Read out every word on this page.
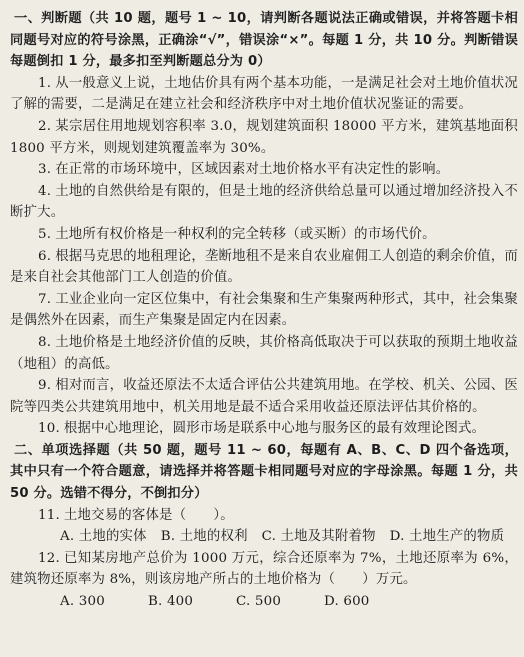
一、判断题（共 10 题，题号 1 ~ 10，请判断各题说法正确或错误，并将答题卡相同题号对应的符号涂黑，正确涂“√”，错误涂“×”。每题 1 分，共 10 分。判断错误每题倒扣 1 分，最多扣至判断题总分为 0）
1. 从一般意义上说，土地估价具有两个基本功能，一是满足社会对土地价值状况了解的需要，二是满足在建立社会和经济秩序中对土地价值状况鉴证的需要。
2. 某宗居住用地规划容积率 3.0，规划建筑面积 18000 平方米，建筑基地面积 1800 平方米，则规划建筑覆盖率为 30%。
3. 在正常的市场环境中，区域因素对土地价格水平有决定性的影响。
4. 土地的自然供给是有限的，但是土地的经济供给总量可以通过增加经济投入不断扩大。
5. 土地所有权价格是一种权利的完全转移（或买断）的市场代价。
6. 根据马克思的地租理论，垄断地租不是来自农业雇佣工人创造的剩余价值，而是来自社会其他部门工人创造的价值。
7. 工业企业向一定区位集中，有社会集聚和生产集聚两种形式，其中，社会集聚是偶然外在因素，而生产集聚是固定内在因素。
8. 土地价格是土地经济价值的反映，其价格高低取决于可以获取的预期土地收益（地租）的高低。
9. 相对而言，收益还原法不太适合评估公共建筑用地。在学校、机关、公园、医院等四类公共建筑用地中，机关用地是最不适合采用收益还原法评估其价格的。
10. 根据中心地理论，圆形市场是联系中心地与服务区的最有效理论图式。
二、单项选择题（共 50 题，题号 11 ~ 60，每题有 A、B、C、D 四个备选项，其中只有一个符合题意，请选择并将答题卡相同题号对应的字母涂黑。每题 1 分，共 50 分。选错不得分，不倒扣分）
11. 土地交易的客体是（　　）。
A. 土地的实体 B. 土地的权利 C. 土地及其附着物 D. 土地生产的物质
12. 已知某房地产总价为 1000 万元，综合还原率为 7%，土地还原率为 6%，建筑物还原率为 8%，则该房地产所占的土地价格为（　　）万元。
A. 300	B. 400	C. 500	D. 600
